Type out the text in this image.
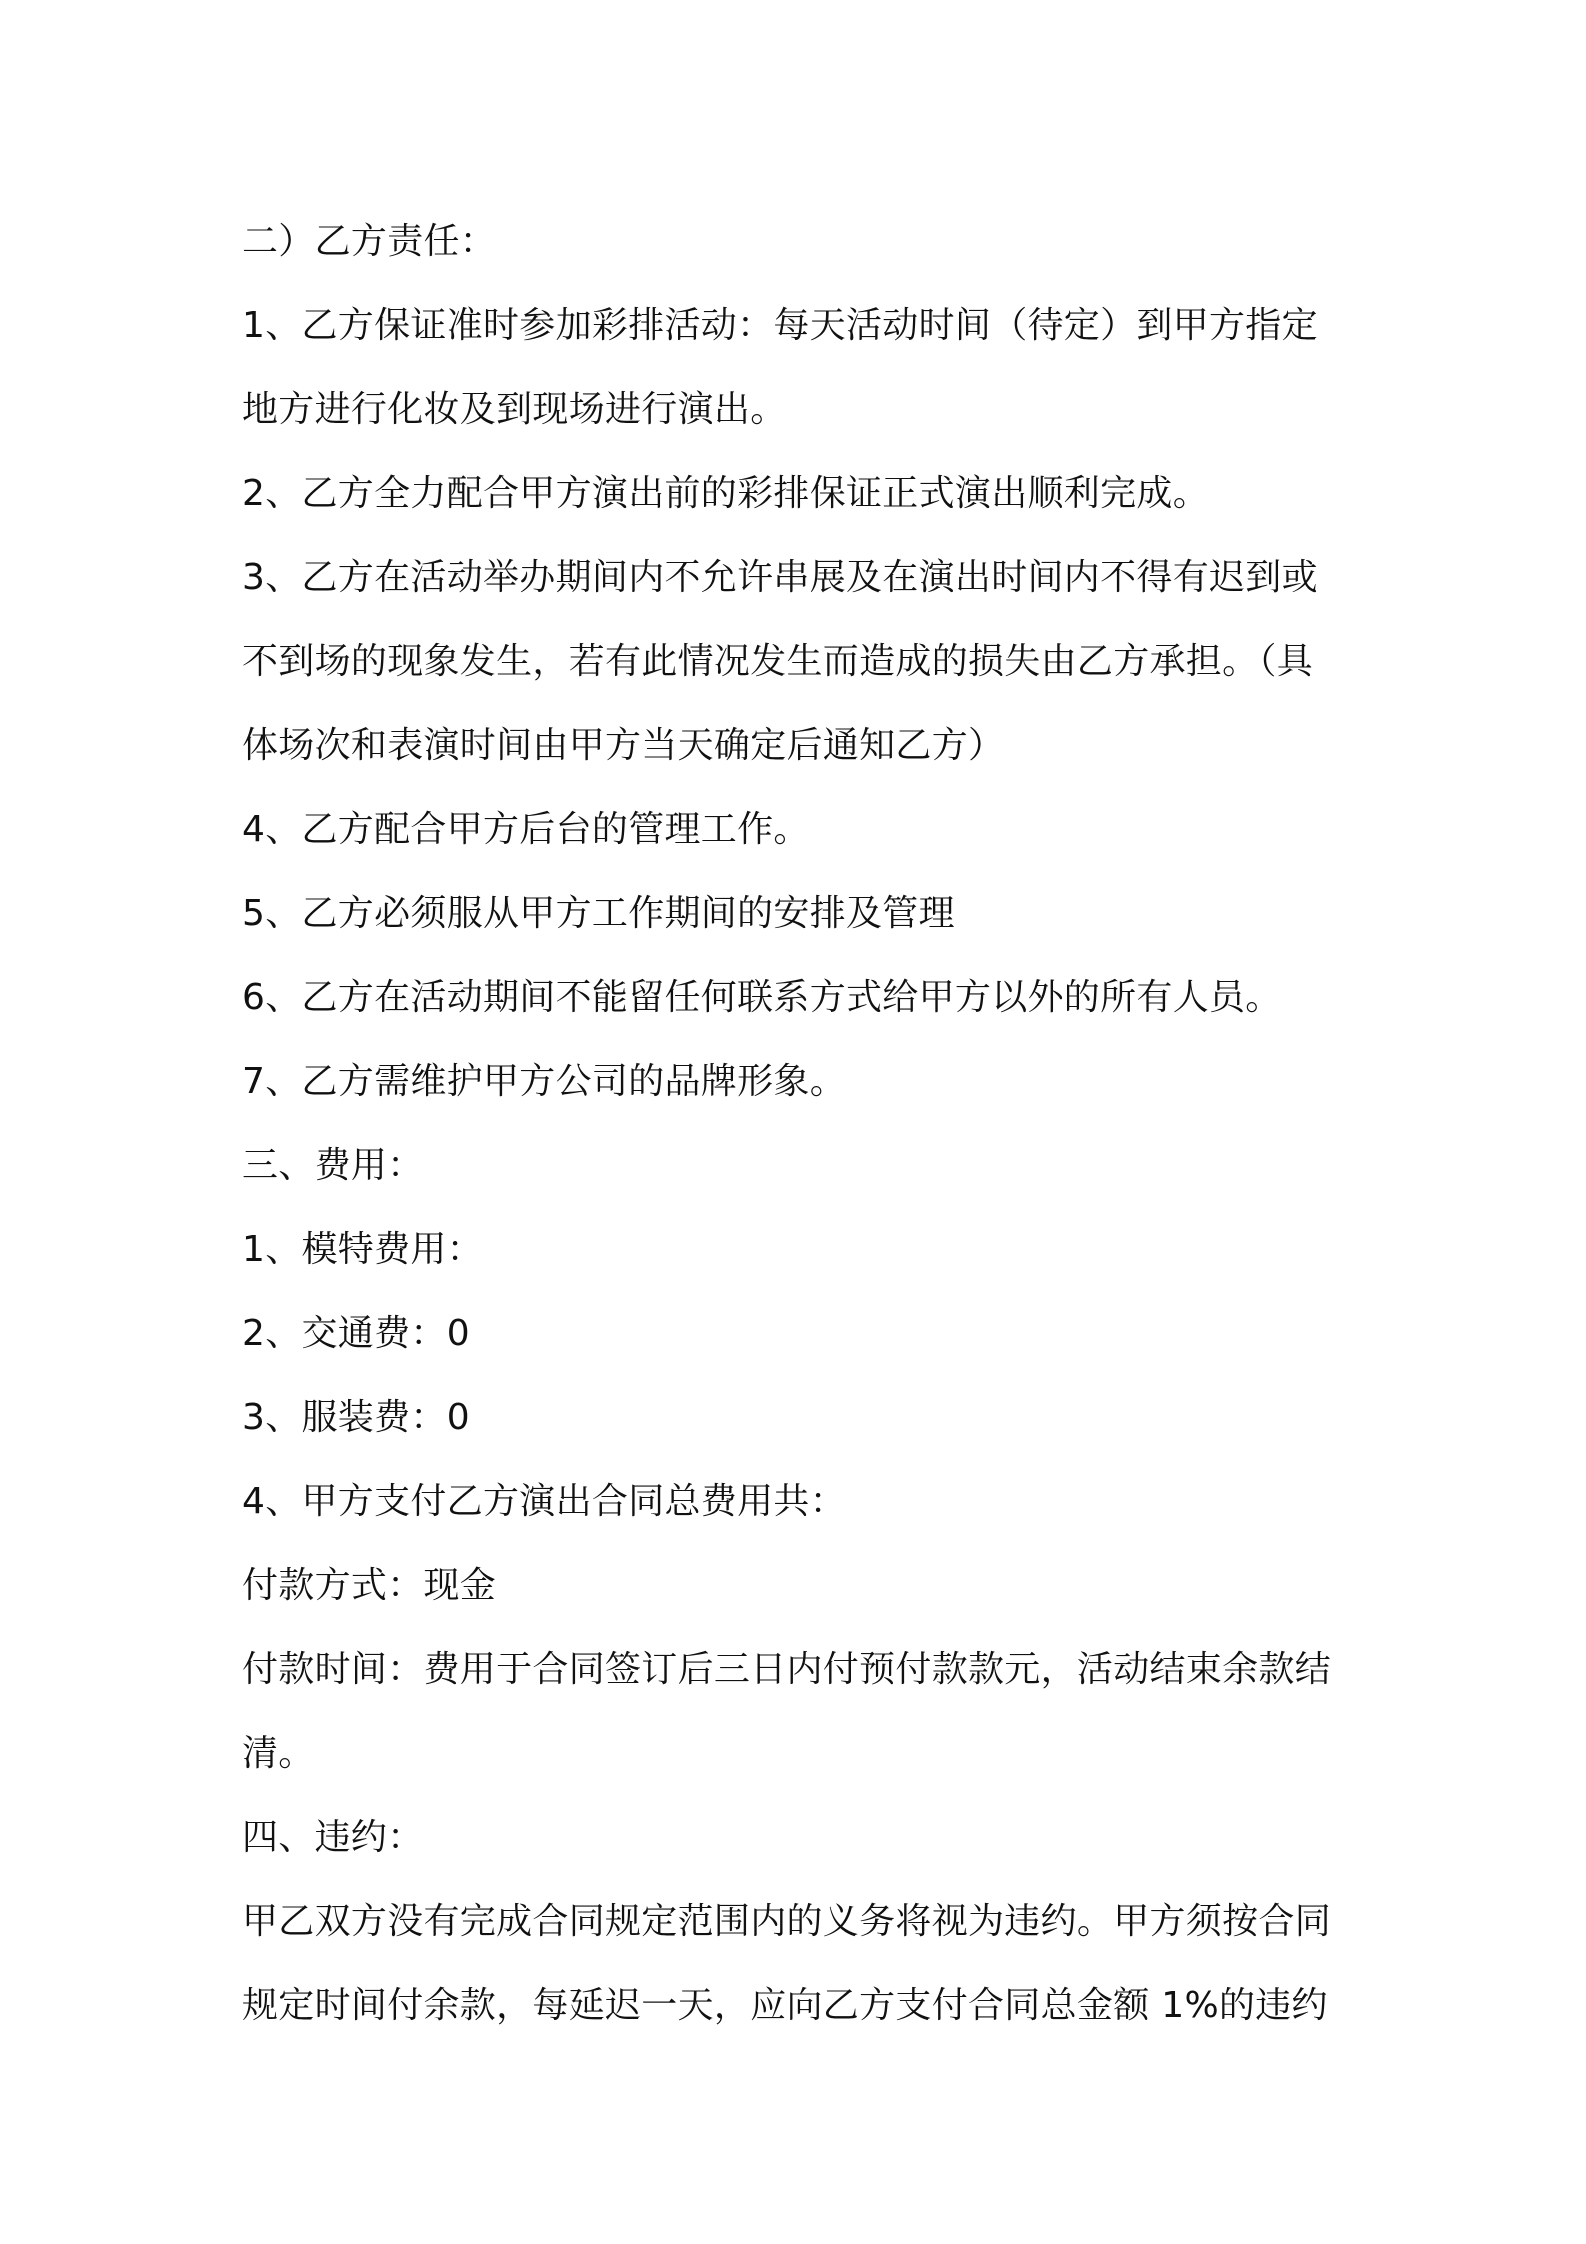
二）乙方责任：
1、乙方保证准时参加彩排活动：每天活动时间（待定）到甲方指定
地方进行化妆及到现场进行演出。
2、乙方全力配合甲方演出前的彩排保证正式演出顺利完成。
3、乙方在活动举办期间内不允许串展及在演出时间内不得有迟到或
不到场的现象发生，若有此情况发生而造成的损失由乙方承担。（具
体场次和表演时间由甲方当天确定后通知乙方）
4、乙方配合甲方后台的管理工作。
5、乙方必须服从甲方工作期间的安排及管理
6、乙方在活动期间不能留任何联系方式给甲方以外的所有人员。
7、乙方需维护甲方公司的品牌形象。
三、费用：
1、模特费用：
2、交通费：0
3、服装费：0
4、甲方支付乙方演出合同总费用共：
付款方式：现金
付款时间：费用于合同签订后三日内付预付款款元，活动结束余款结
清。
四、违约：
甲乙双方没有完成合同规定范围内的义务将视为违约。甲方须按合同
规定时间付余款，每延迟一天，应向乙方支付合同总金额 1%的违约
